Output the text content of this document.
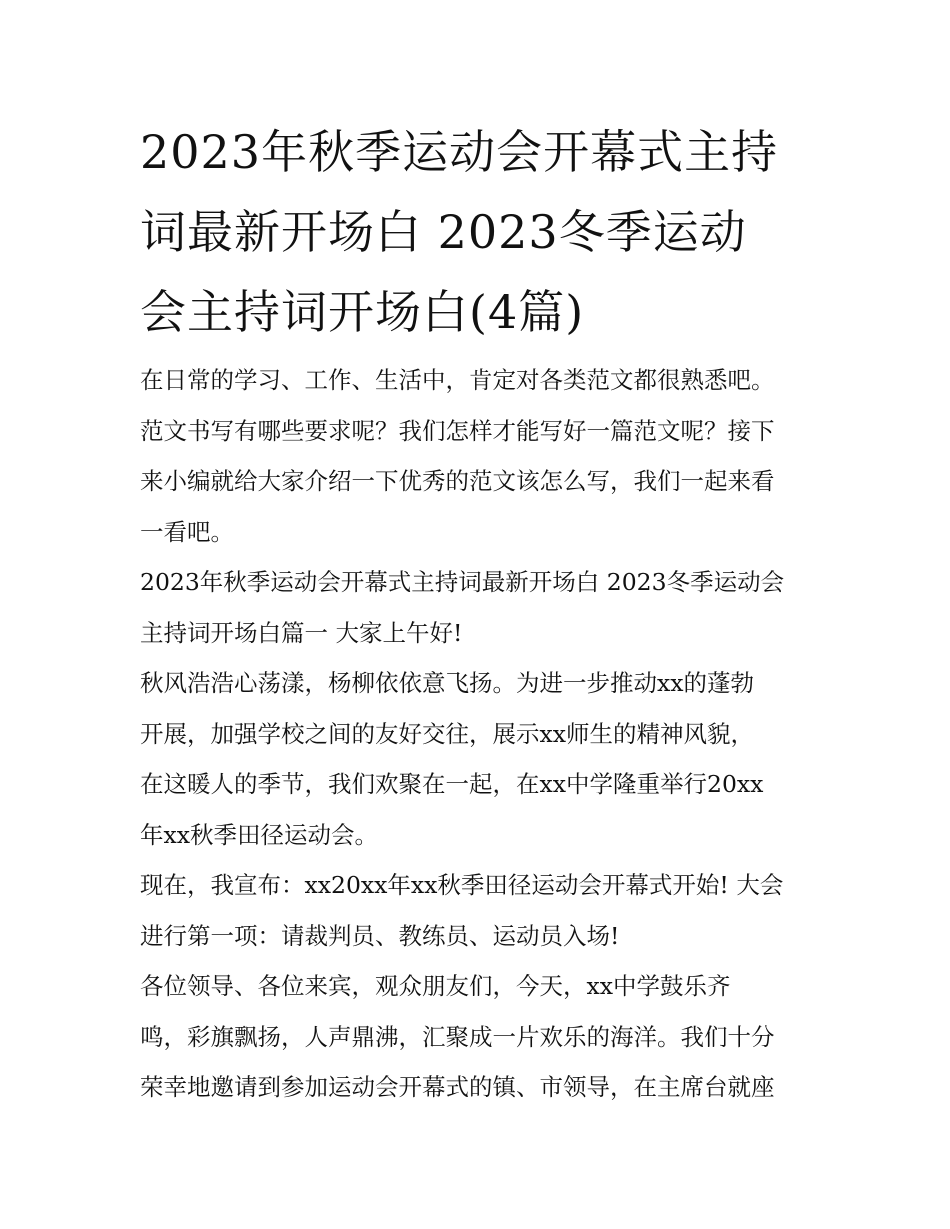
2023年秋季运动会开幕式主持
词最新开场白 2023冬季运动
会主持词开场白(4篇)
在日常的学习、工作、生活中，肯定对各类范文都很熟悉吧。
范文书写有哪些要求呢？我们怎样才能写好一篇范文呢？接下
来小编就给大家介绍一下优秀的范文该怎么写，我们一起来看
一看吧。
2023年秋季运动会开幕式主持词最新开场白 2023冬季运动会
主持词开场白篇一 大家上午好!
秋风浩浩心荡漾，杨柳依依意飞扬。为进一步推动xx的蓬勃
开展，加强学校之间的友好交往，展示xx师生的精神风貌，
在这暖人的季节，我们欢聚在一起，在xx中学隆重举行20xx
年xx秋季田径运动会。
现在，我宣布：xx20xx年xx秋季田径运动会开幕式开始! 大会
进行第一项：请裁判员、教练员、运动员入场!
各位领导、各位来宾，观众朋友们，今天，xx中学鼓乐齐
鸣，彩旗飘扬，人声鼎沸，汇聚成一片欢乐的海洋。我们十分
荣幸地邀请到参加运动会开幕式的镇、市领导，在主席台就座
